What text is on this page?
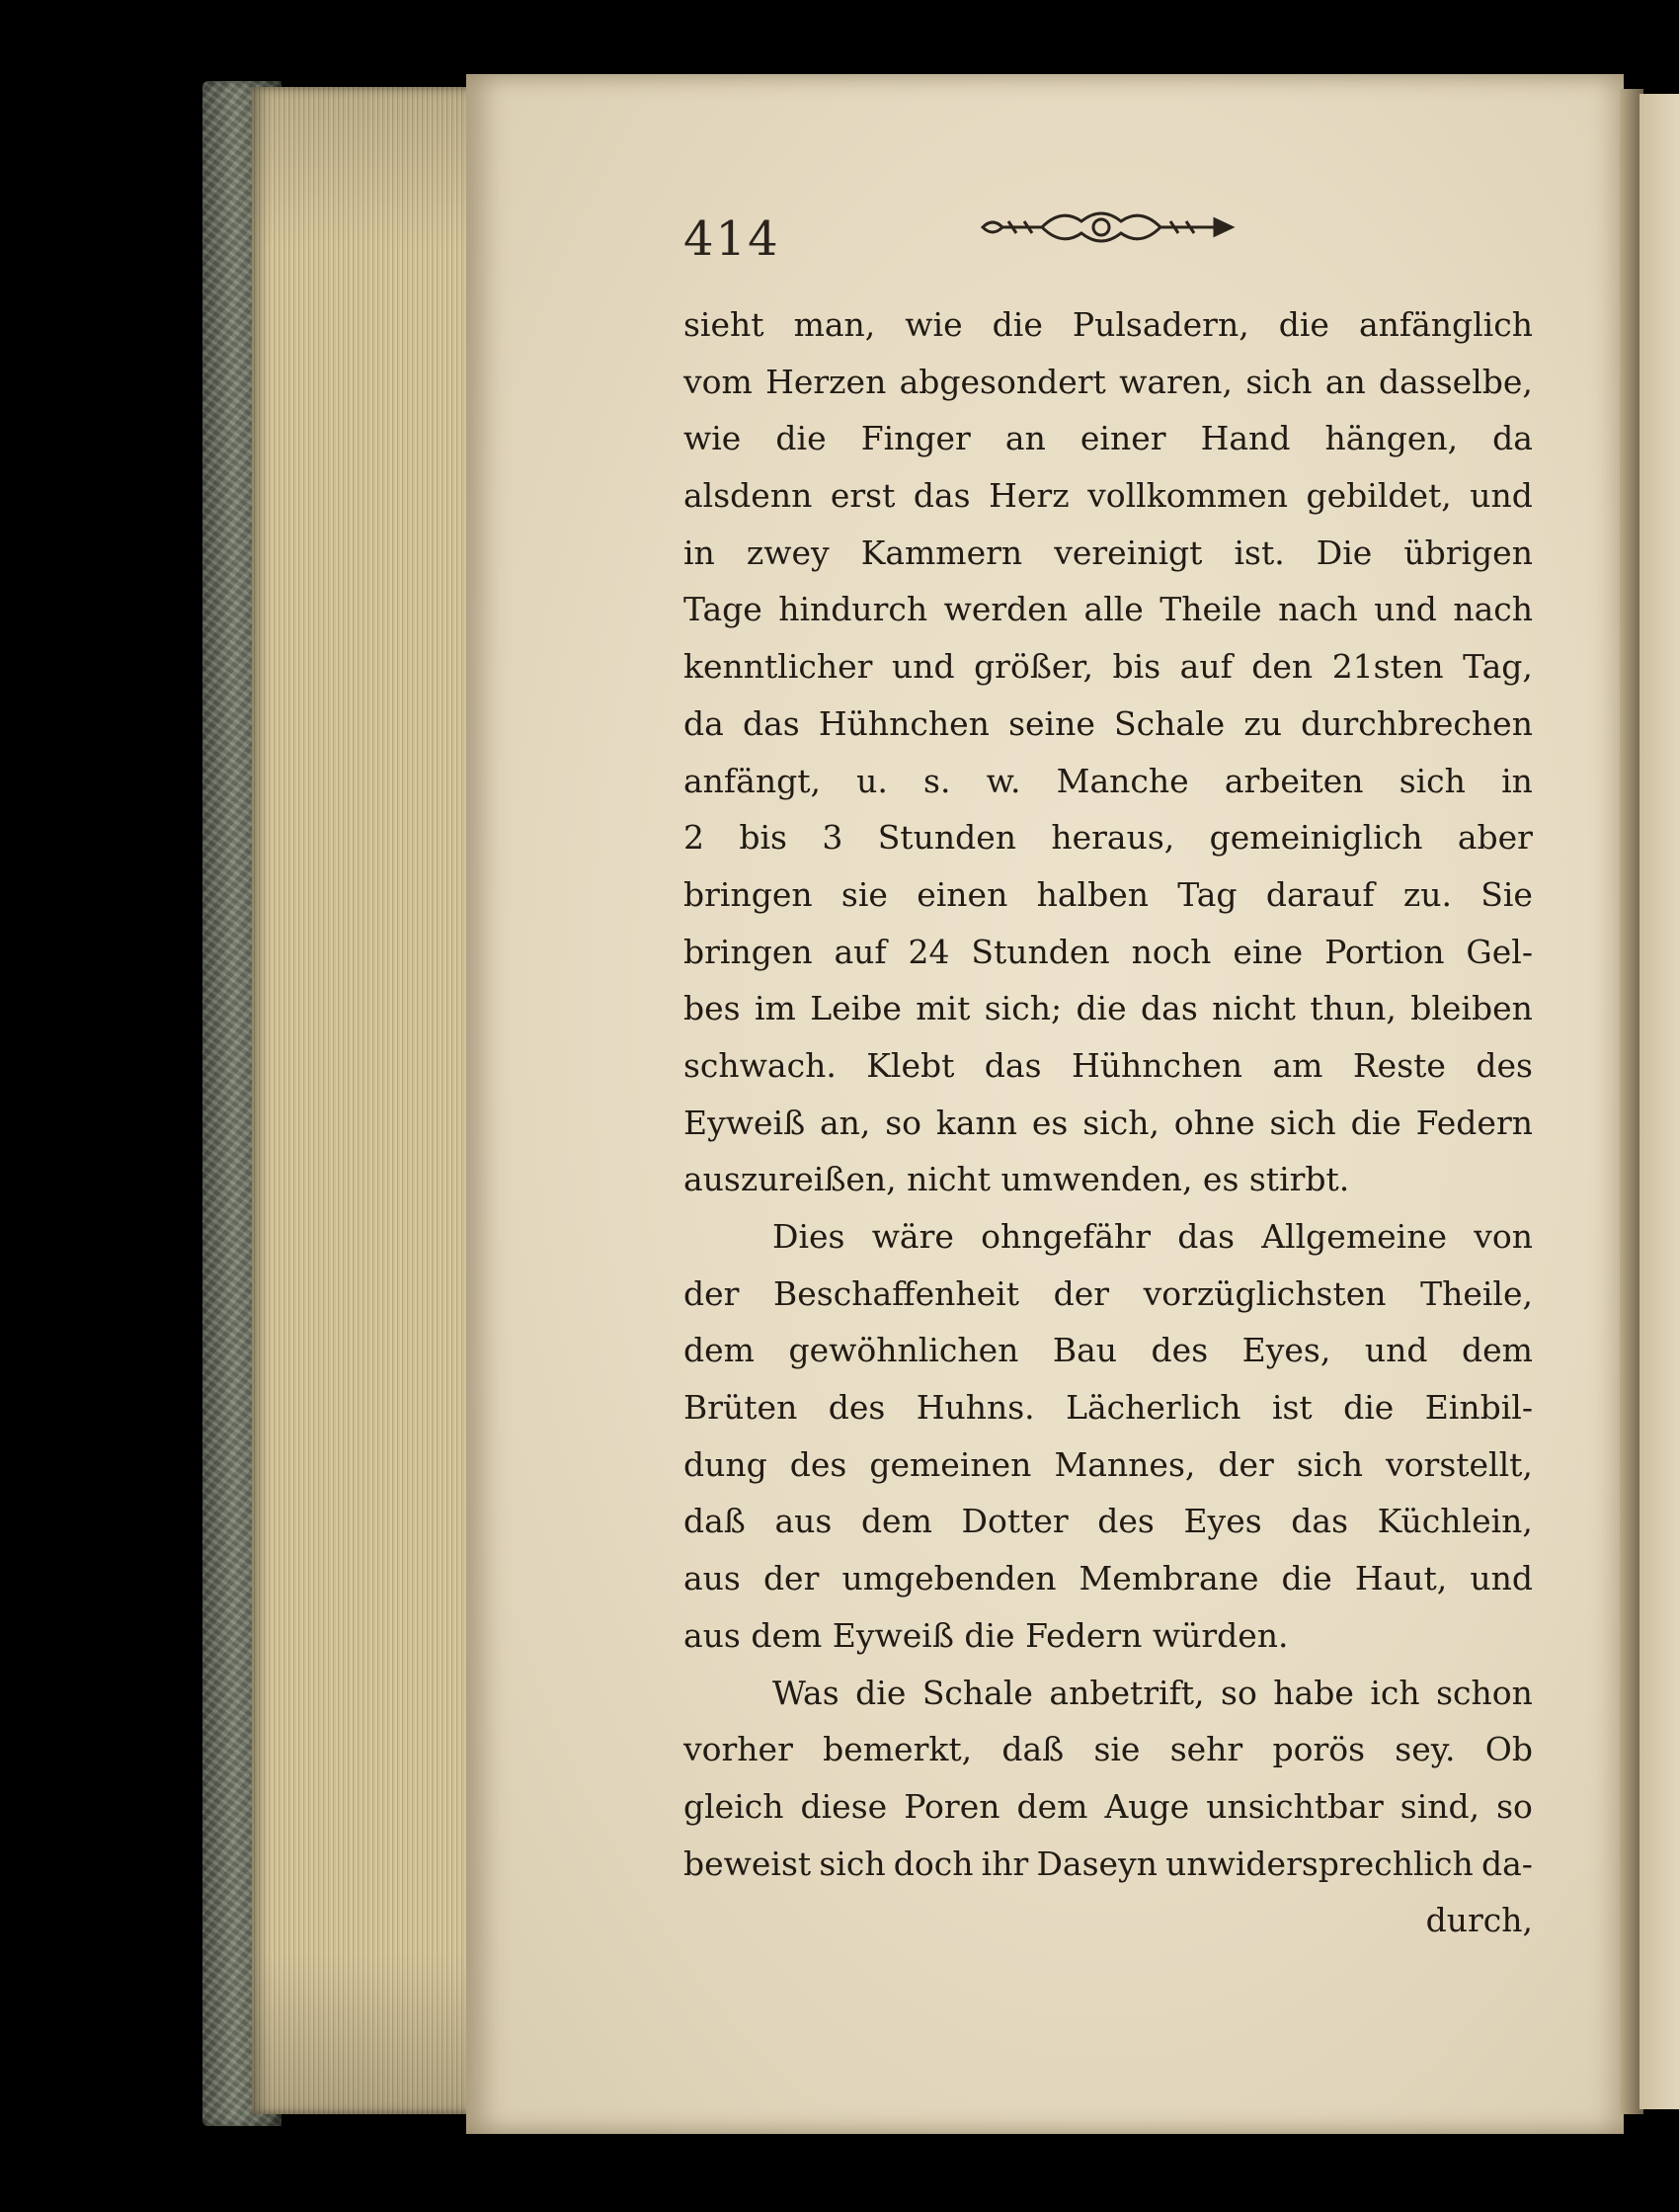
414
sieht man, wie die Pulsadern, die anfänglich
vom Herzen abgesondert waren, sich an dasselbe,
wie die Finger an einer Hand hängen, da
alsdenn erst das Herz vollkommen gebildet, und
in zwey Kammern vereinigt ist. Die übrigen
Tage hindurch werden alle Theile nach und nach
kenntlicher und größer, bis auf den 21sten Tag,
da das Hühnchen seine Schale zu durchbrechen
anfängt, u. s. w. Manche arbeiten sich in
2 bis 3 Stunden heraus, gemeiniglich aber
bringen sie einen halben Tag darauf zu. Sie
bringen auf 24 Stunden noch eine Portion Gel-
bes im Leibe mit sich; die das nicht thun, bleiben
schwach. Klebt das Hühnchen am Reste des
Eyweiß an, so kann es sich, ohne sich die Federn
auszureißen, nicht umwenden, es stirbt.
Dies wäre ohngefähr das Allgemeine von
der Beschaffenheit der vorzüglichsten Theile,
dem gewöhnlichen Bau des Eyes, und dem
Brüten des Huhns. Lächerlich ist die Einbil-
dung des gemeinen Mannes, der sich vorstellt,
daß aus dem Dotter des Eyes das Küchlein,
aus der umgebenden Membrane die Haut, und
aus dem Eyweiß die Federn würden.
Was die Schale anbetrift, so habe ich schon
vorher bemerkt, daß sie sehr porös sey. Ob
gleich diese Poren dem Auge unsichtbar sind, so
beweist sich doch ihr Daseyn unwidersprechlich da-
durch,
